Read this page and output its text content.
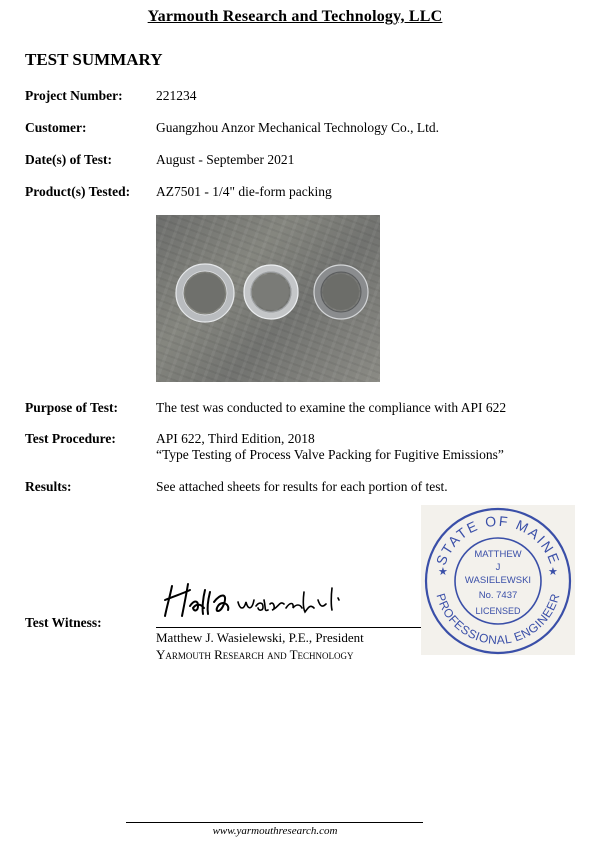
Yarmouth Research and Technology, LLC
TEST SUMMARY
Project Number:	221234
Customer:	Guangzhou Anzor Mechanical Technology Co., Ltd.
Date(s) of Test:	August - September 2021
Product(s) Tested:	AZ7501 - 1/4" die-form packing
Purpose of Test:	The test was conducted to examine the compliance with API 622
Test Procedure:	API 622, Third Edition, 2018
“Type Testing of Process Valve Packing for Fugitive Emissions”
Results:	See attached sheets for results for each portion of test.
STATE OF MAINE
PROFESSIONAL ENGINEER
★	★
MATTHEW
J
WASIELEWSKI
No. 7437
LICENSED
Test Witness:
Matthew J. Wasielewski, P.E., President
Yarmouth Research and Technology
www.yarmouthresearch.com
